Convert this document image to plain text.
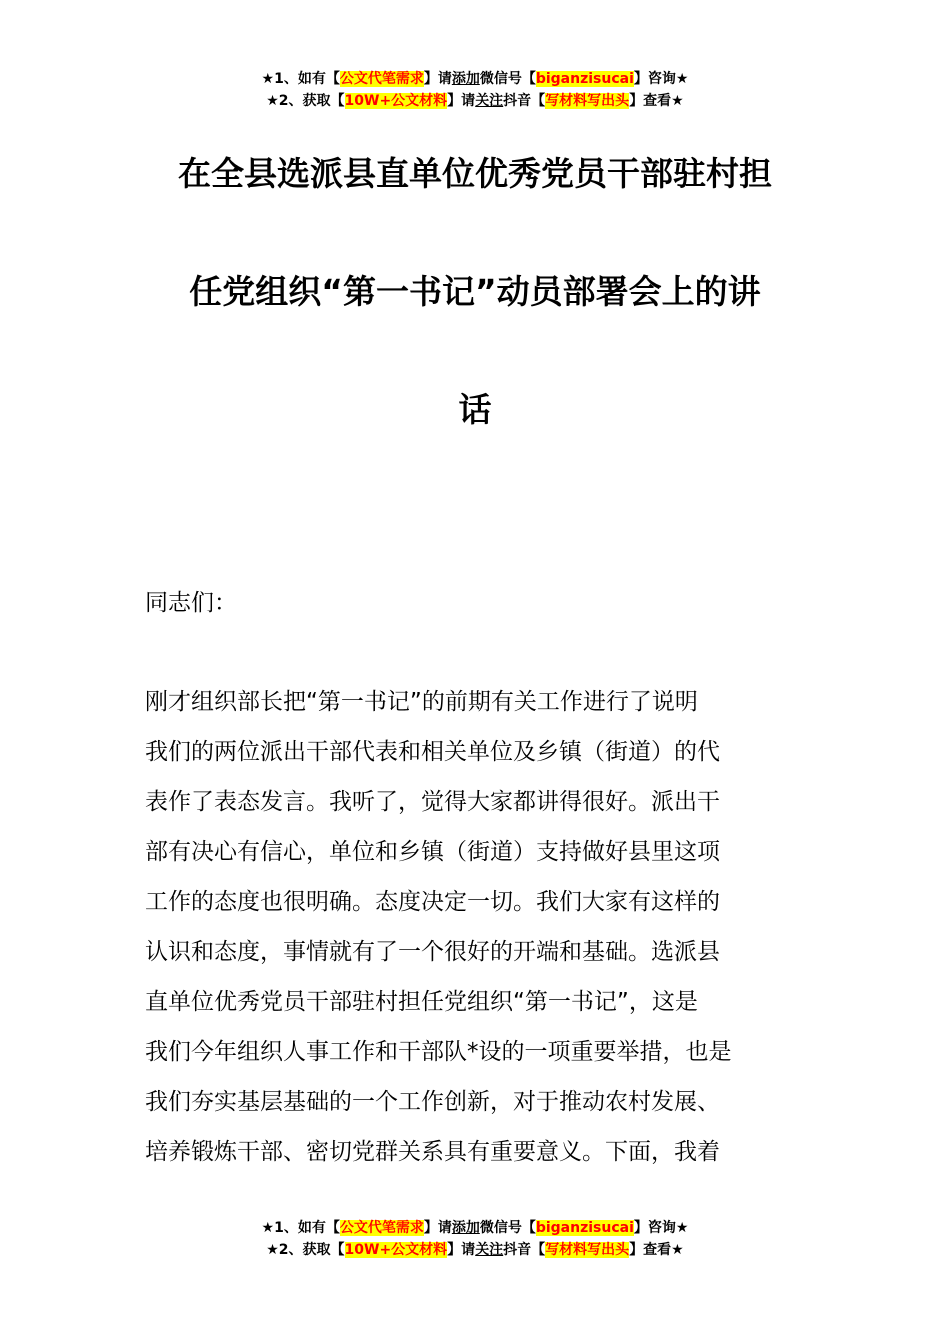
★1、如有【公文代笔需求】请添加微信号【biganzisucai】咨询★
★2、获取【10W+公文材料】请关注抖音【写材料写出头】查看★
在全县选派县直单位优秀党员干部驻村担
任党组织“第一书记”动员部署会上的讲
话
同志们：
刚才组织部长把“第一书记”的前期有关工作进行了说明
我们的两位派出干部代表和相关单位及乡镇（街道）的代
表作了表态发言。我听了，觉得大家都讲得很好。派出干
部有决心有信心，单位和乡镇（街道）支持做好县里这项
工作的态度也很明确。态度决定一切。我们大家有这样的
认识和态度，事情就有了一个很好的开端和基础。选派县
直单位优秀党员干部驻村担任党组织“第一书记”，这是
我们今年组织人事工作和干部队*设的一项重要举措，也是
我们夯实基层基础的一个工作创新，对于推动农村发展、
培养锻炼干部、密切党群关系具有重要意义。下面，我着
★1、如有【公文代笔需求】请添加微信号【biganzisucai】咨询★
★2、获取【10W+公文材料】请关注抖音【写材料写出头】查看★
